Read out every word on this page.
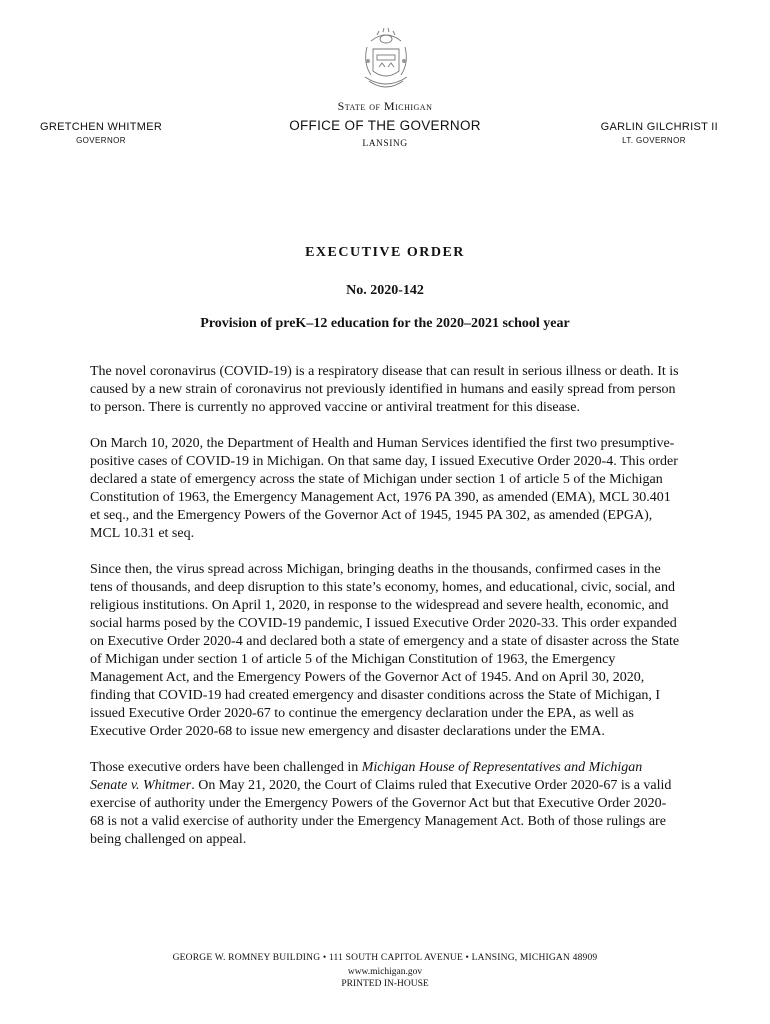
State of Michigan
OFFICE OF THE GOVERNOR
LANSING
GRETCHEN WHITMER
GOVERNOR
GARLIN GILCHRIST II
LT. GOVERNOR
EXECUTIVE ORDER
No. 2020-142
Provision of preK–12 education for the 2020–2021 school year

The novel coronavirus (COVID-19) is a respiratory disease that can result in serious illness or death. It is caused by a new strain of coronavirus not previously identified in humans and easily spread from person to person. There is currently no approved vaccine or antiviral treatment for this disease.

On March 10, 2020, the Department of Health and Human Services identified the first two presumptive-positive cases of COVID-19 in Michigan. On that same day, I issued Executive Order 2020-4. This order declared a state of emergency across the state of Michigan under section 1 of article 5 of the Michigan Constitution of 1963, the Emergency Management Act, 1976 PA 390, as amended (EMA), MCL 30.401 et seq., and the Emergency Powers of the Governor Act of 1945, 1945 PA 302, as amended (EPGA), MCL 10.31 et seq.

Since then, the virus spread across Michigan, bringing deaths in the thousands, confirmed cases in the tens of thousands, and deep disruption to this state’s economy, homes, and educational, civic, social, and religious institutions. On April 1, 2020, in response to the widespread and severe health, economic, and social harms posed by the COVID-19 pandemic, I issued Executive Order 2020-33. This order expanded on Executive Order 2020-4 and declared both a state of emergency and a state of disaster across the State of Michigan under section 1 of article 5 of the Michigan Constitution of 1963, the Emergency Management Act, and the Emergency Powers of the Governor Act of 1945. And on April 30, 2020, finding that COVID-19 had created emergency and disaster conditions across the State of Michigan, I issued Executive Order 2020-67 to continue the emergency declaration under the EPA, as well as Executive Order 2020-68 to issue new emergency and disaster declarations under the EMA.

Those executive orders have been challenged in Michigan House of Representatives and Michigan Senate v. Whitmer. On May 21, 2020, the Court of Claims ruled that Executive Order 2020-67 is a valid exercise of authority under the Emergency Powers of the Governor Act but that Executive Order 2020-68 is not a valid exercise of authority under the Emergency Management Act. Both of those rulings are being challenged on appeal.

GEORGE W. ROMNEY BUILDING • 111 SOUTH CAPITOL AVENUE • LANSING, MICHIGAN 48909
www.michigan.gov
PRINTED IN-HOUSE
